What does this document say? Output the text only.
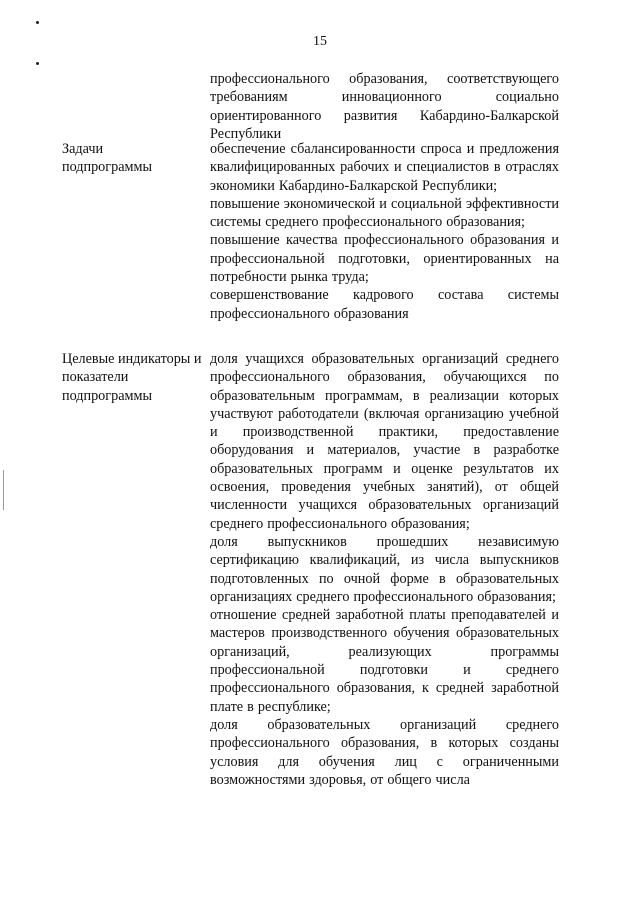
15
профессионального образования, соответствующего требованиям инновационного социально ориентированного развития Кабардино-Балкарской Республики
Задачи подпрограммы
обеспечение сбалансированности спроса и предложения квалифицированных рабочих и специалистов в отраслях экономики Кабардино-Балкарской Республики;
повышение экономической и социальной эффективности системы среднего профессионального образования;
повышение качества профессионального образования и профессиональной подготовки, ориентированных на потребности рынка труда;
совершенствование кадрового состава системы профессионального образования
Целевые индикаторы и показатели подпрограммы
доля учащихся образовательных организаций среднего профессионального образования, обучающихся по образовательным программам, в реализации которых участвуют работодатели (включая организацию учебной и производственной практики, предоставление оборудования и материалов, участие в разработке образовательных программ и оценке результатов их освоения, проведения учебных занятий), от общей численности учащихся образовательных организаций среднего профессионального образования;
доля выпускников прошедших независимую сертификацию квалификаций, из числа выпускников подготовленных по очной форме в образовательных организациях среднего профессионального образования;
отношение средней заработной платы преподавателей и мастеров производственного обучения образовательных организаций, реализующих программы профессиональной подготовки и среднего профессионального образования, к средней заработной плате в республике;
доля образовательных организаций среднего профессионального образования, в которых созданы условия для обучения лиц с ограниченными возможностями здоровья, от общего числа
